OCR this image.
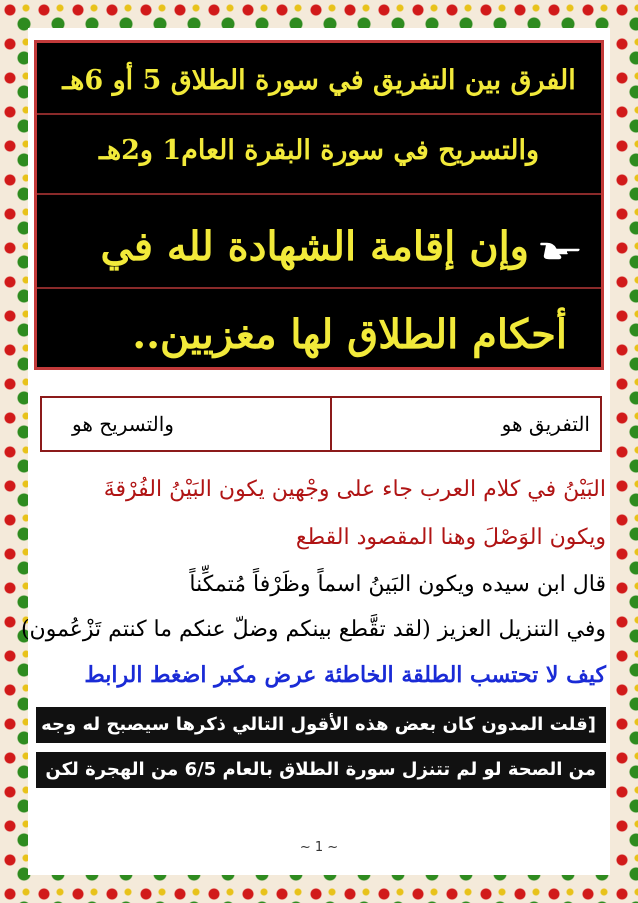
الفرق بين التفريق في سورة الطلاق 5 أو 6هـ
والتسريح في سورة البقرة العام1 و2هـ
وإن إقامة الشهادة لله في
أحكام الطلاق لها مغزيين..
التفريق هو
والتسريح هو
البَيْنُ في كلام العرب جاء على وجْهين يكون البَيْنُ الفُرْقةَ
ويكون الوَصْلَ وهنا المقصود القطع
قال ابن سيده ويكون البَينُ اسماً وظَرْفاً مُتمكِّناً
وفي التنزيل العزيز (لقد تقَّطع بينكم وضلّ عنكم ما كنتم تَزْعُمون)
كيف لا تحتسب الطلقة الخاطئة عرض مكبر اضغط الرابط
[قلت المدون كان بعض هذه الأقول التالي ذكرها سيصبح له وجه
من الصحة لو لم تتنزل سورة الطلاق بالعام 6/5 من الهجرة لكن
~ 1 ~
